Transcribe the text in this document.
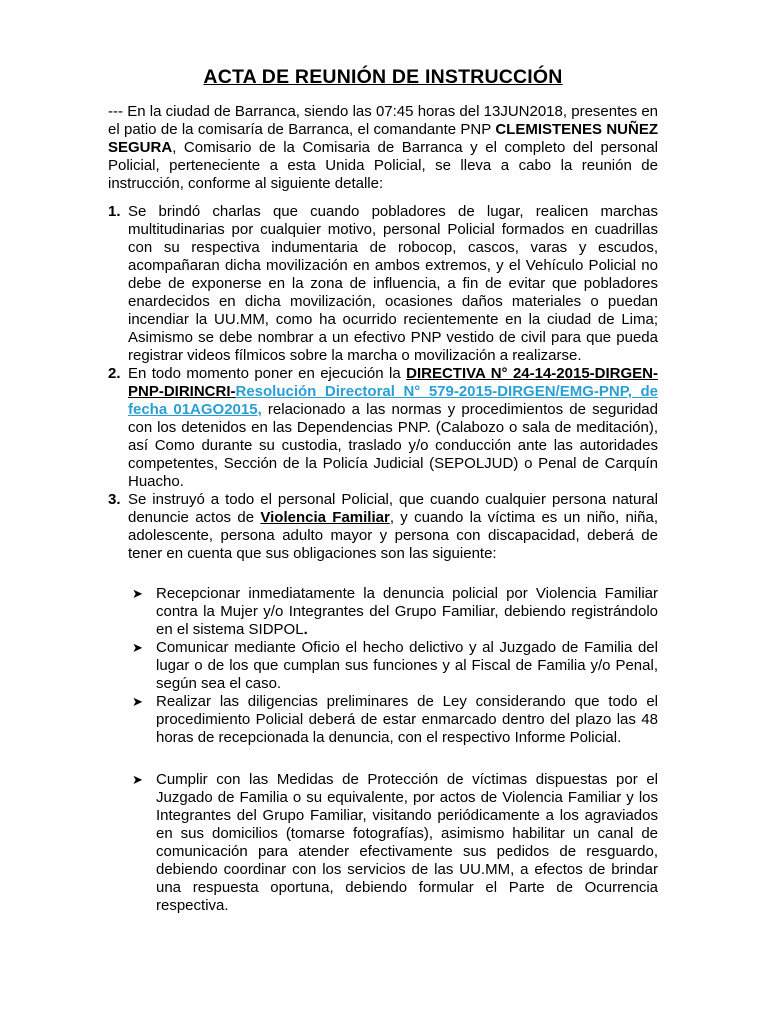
ACTA DE REUNIÓN DE INSTRUCCIÓN
--- En la ciudad de Barranca, siendo las 07:45 horas del 13JUN2018, presentes en el patio de la comisaría de Barranca, el comandante PNP CLEMISTENES NUÑEZ SEGURA, Comisario de la Comisaria de Barranca y el completo del personal Policial, perteneciente a esta Unida Policial, se lleva a cabo la reunión de instrucción, conforme al siguiente detalle:
1. Se brindó charlas que cuando pobladores de lugar, realicen marchas multitudinarias por cualquier motivo, personal Policial formados en cuadrillas con su respectiva indumentaria de robocop, cascos, varas y escudos, acompañaran dicha movilización en ambos extremos, y el Vehículo Policial no debe de exponerse en la zona de influencia, a fin de evitar que pobladores enardecidos en dicha movilización, ocasiones daños materiales o puedan incendiar la UU.MM, como ha ocurrido recientemente en la ciudad de Lima; Asimismo se debe nombrar a un efectivo PNP vestido de civil para que pueda registrar videos fílmicos sobre la marcha o movilización a realizarse.
2. En todo momento poner en ejecución la DIRECTIVA N° 24-14-2015-DIRGEN-PNP-DIRINCRI-Resolución Directoral N° 579-2015-DIRGEN/EMG-PNP, de fecha 01AGO2015, relacionado a las normas y procedimientos de seguridad con los detenidos en las Dependencias PNP. (Calabozo o sala de meditación), así Como durante su custodia, traslado y/o conducción ante las autoridades competentes, Sección de la Policía Judicial (SEPOLJUD) o Penal de Carquín Huacho.
3. Se instruyó a todo el personal Policial, que cuando cualquier persona natural denuncie actos de Violencia Familiar, y cuando la víctima es un niño, niña, adolescente, persona adulto mayor y persona con discapacidad, deberá de tener en cuenta que sus obligaciones son las siguiente:
➤ Recepcionar inmediatamente la denuncia policial por Violencia Familiar contra la Mujer y/o Integrantes del Grupo Familiar, debiendo registrándolo en el sistema SIDPOL.
➤ Comunicar mediante Oficio el hecho delictivo y al Juzgado de Familia del lugar o de los que cumplan sus funciones y al Fiscal de Familia y/o Penal, según sea el caso.
➤ Realizar las diligencias preliminares de Ley considerando que todo el procedimiento Policial deberá de estar enmarcado dentro del plazo las 48 horas de recepcionada la denuncia, con el respectivo Informe Policial.
➤ Cumplir con las Medidas de Protección de víctimas dispuestas por el Juzgado de Familia o su equivalente, por actos de Violencia Familiar y los Integrantes del Grupo Familiar, visitando periódicamente a los agraviados en sus domicilios (tomarse fotografías), asimismo habilitar un canal de comunicación para atender efectivamente sus pedidos de resguardo, debiendo coordinar con los servicios de las UU.MM, a efectos de brindar una respuesta oportuna, debiendo formular el Parte de Ocurrencia respectiva.
